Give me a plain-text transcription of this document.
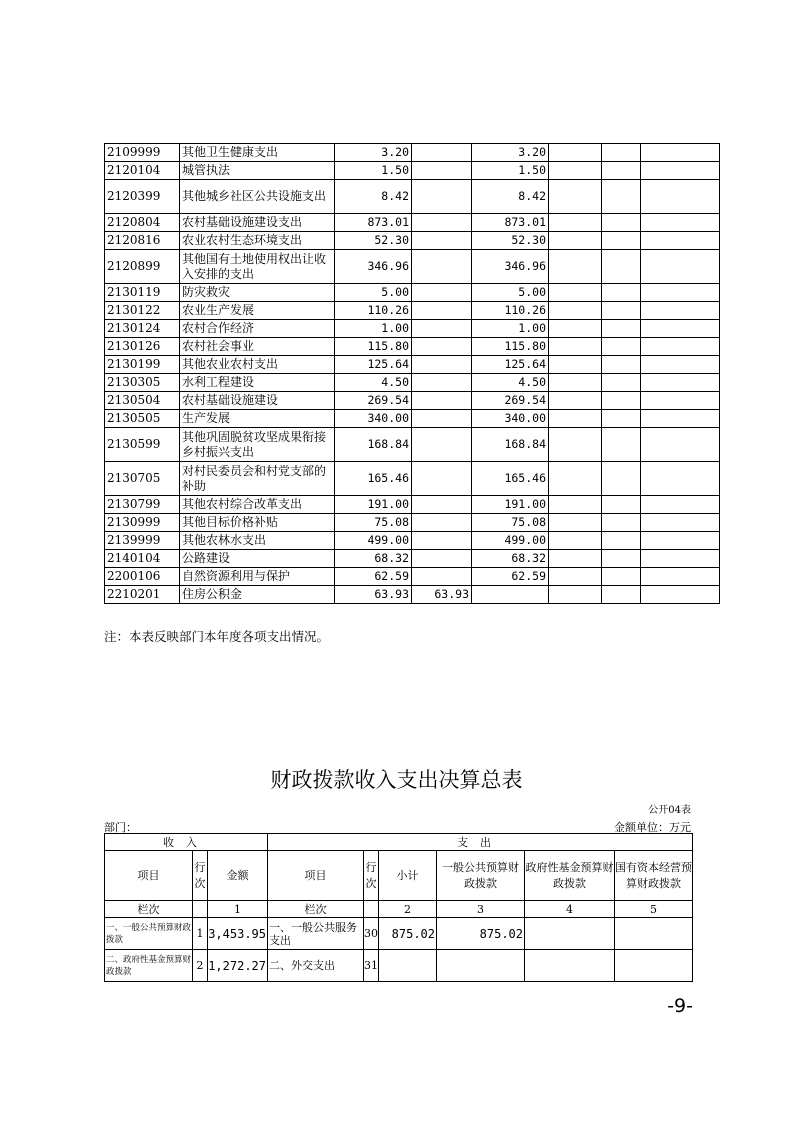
2109999	其他卫生健康支出	3.20		3.20			
2120104	城管执法	1.50		1.50			
2120399	其他城乡社区公共设施支出	8.42		8.42			
2120804	农村基础设施建设支出	873.01		873.01			
2120816	农业农村生态环境支出	52.30		52.30			
2120899	其他国有土地使用权出让收入安排的支出	346.96		346.96			
2130119	防灾救灾	5.00		5.00			
2130122	农业生产发展	110.26		110.26			
2130124	农村合作经济	1.00		1.00			
2130126	农村社会事业	115.80		115.80			
2130199	其他农业农村支出	125.64		125.64			
2130305	水利工程建设	4.50		4.50			
2130504	农村基础设施建设	269.54		269.54			
2130505	生产发展	340.00		340.00			
2130599	其他巩固脱贫攻坚成果衔接乡村振兴支出	168.84		168.84			
2130705	对村民委员会和村党支部的补助	165.46		165.46			
2130799	其他农村综合改革支出	191.00		191.00			
2130999	其他目标价格补贴	75.08		75.08			
2139999	其他农林水支出	499.00		499.00			
2140104	公路建设	68.32		68.32			
2200106	自然资源利用与保护	62.59		62.59			
2210201	住房公积金	63.93	63.93				
注：本表反映部门本年度各项支出情况。
财政拨款收入支出决算总表
公开04表
部门：	金额单位：万元
收入			支出					
项目	行次	金额	项目	行次	小计	一般公共预算财政拨款	政府性基金预算财政拨款	国有资本经营预算财政拨款
栏次		1	栏次		2	3	4	5
一、一般公共预算财政拨款	1	3,453.95	一、一般公共服务支出	30	875.02	875.02		
二、政府性基金预算财政拨款	2	1,272.27	二、外交支出	31				
-9-
